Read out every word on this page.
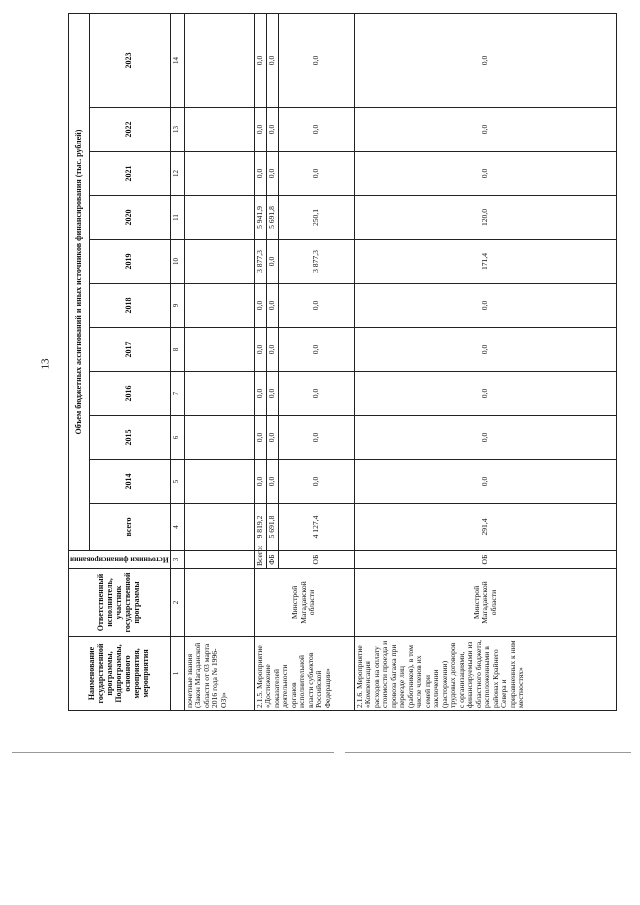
13
Наименование государственной программы, Подпрограммы, основного мероприятия, мероприятия	Ответственный исполнитель, участник государственной программы	Источники финансирования	Объем бюджетных ассигнований и иных источников финансирования (тыс. рублей)										
			всего	2014	2015	2016	2017	2018	2019	2020	2021	2022	2023
1	2	3	4	5	6	7	8	9	10	11	12	13	14
почетные звания (Закон Магаданской области от 03 марта 2016 года № 1996-ОЗ)»													
2.1.5. Мероприятие «Достижение показателей деятельности органов исполнительной власти субъектов Российской Федерации»	Минстрой Магаданской области	Всего:	9 819,2	0,0	0,0	0,0	0,0	0,0	3 877,3	5 941,9	0,0	0,0	0,0
		ФБ	5 691,8	0,0	0,0	0,0	0,0	0,0	0,0	5 691,8	0,0	0,0	0,0
		ОБ	4 127,4	0,0	0,0	0,0	0,0	0,0	3 877,3	250,1	0,0	0,0	0,0
2.1.6. Мероприятие «Компенсация расходов на оплату стоимости проезда и провоза багажа при переезде лиц (работников), в том числе членов их семей при заключении (расторжении) трудовых договоров с организациями, финансируемыми из областного бюджета, расположенными в районах Крайнего Севера и приравненных к ним местностях»	Минстрой Магаданской области	ОБ	291,4	0,0	0,0	0,0	0,0	0,0	171,4	120,0	0,0	0,0	0,0
